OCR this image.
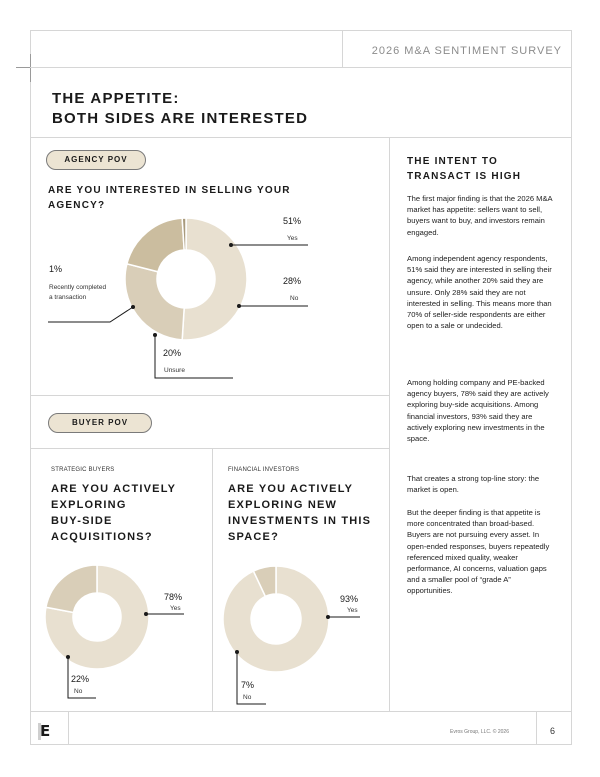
2026 M&A SENTIMENT SURVEY
THE APPETITE:
BOTH SIDES ARE INTERESTED
AGENCY POV
ARE YOU INTERESTED IN SELLING YOUR
AGENCY?
51%
Yes
28%
No
20%
Unsure
1%
Recently completed
a transaction
BUYER POV
STRATEGIC BUYERS
ARE YOU ACTIVELY
EXPLORING
BUY-SIDE
ACQUISITIONS?
FINANCIAL INVESTORS
ARE YOU ACTIVELY
EXPLORING NEW
INVESTMENTS IN THIS
SPACE?
78%
Yes
22%
No
93%
Yes
7%
No
THE INTENT TO
TRANSACT IS HIGH

The first major finding is that the 2026 M&A market has appetite: sellers want to sell, buyers want to buy, and investors remain engaged.

Among independent agency respondents, 51% said they are interested in selling their agency, while another 20% said they are unsure. Only 28% said they are not interested in selling. This means more than 70% of seller-side respondents are either open to a sale or undecided.

Among holding company and PE-backed agency buyers, 78% said they are actively exploring buy-side acquisitions. Among financial investors, 93% said they are actively exploring new investments in the space.

That creates a strong top-line story: the market is open.

But the deeper finding is that appetite is more concentrated than broad-based. Buyers are not pursuing every asset. In open-ended responses, buyers repeatedly referenced mixed quality, weaker performance, AI concerns, valuation gaps and a smaller pool of “grade A” opportunities.

E	Evros Group, LLC. © 2026	6
